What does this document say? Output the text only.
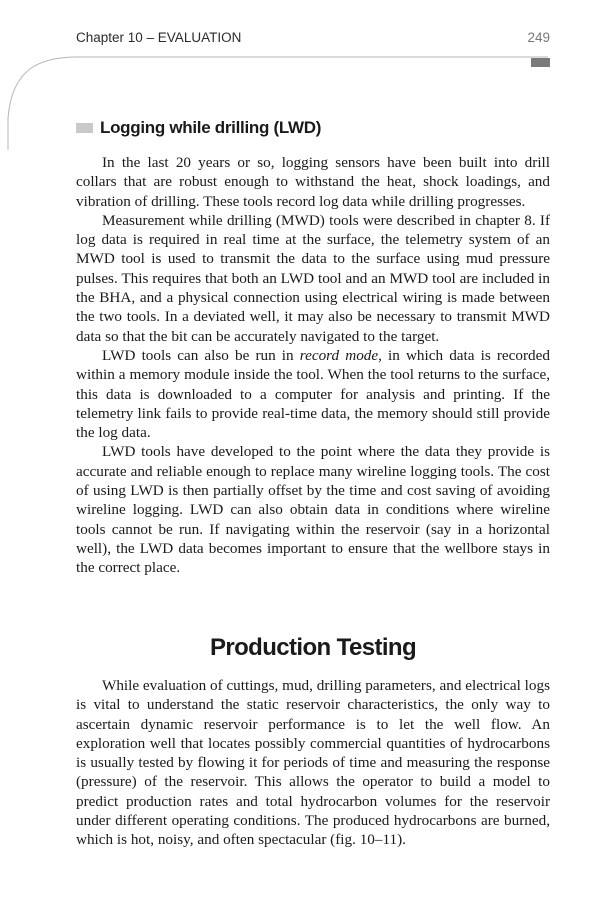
Chapter 10 – EVALUATION	249
Logging while drilling (LWD)

In the last 20 years or so, logging sensors have been built into drill collars that are robust enough to withstand the heat, shock loadings, and vibration of drilling. These tools record log data while drilling progresses.

Measurement while drilling (MWD) tools were described in chapter 8. If log data is required in real time at the surface, the telemetry system of an MWD tool is used to transmit the data to the surface using mud pressure pulses. This requires that both an LWD tool and an MWD tool are included in the BHA, and a physical connection using electrical wiring is made between the two tools. In a deviated well, it may also be necessary to transmit MWD data so that the bit can be accurately navigated to the target.

LWD tools can also be run in record mode, in which data is recorded within a memory module inside the tool. When the tool returns to the surface, this data is downloaded to a computer for analysis and printing. If the telemetry link fails to provide real-time data, the memory should still provide the log data.

LWD tools have developed to the point where the data they provide is accurate and reliable enough to replace many wireline logging tools. The cost of using LWD is then partially offset by the time and cost saving of avoiding wireline logging. LWD can also obtain data in conditions where wireline tools cannot be run. If navigating within the reservoir (say in a horizontal well), the LWD data becomes important to ensure that the wellbore stays in the correct place.

Production Testing

While evaluation of cuttings, mud, drilling parameters, and electrical logs is vital to understand the static reservoir characteristics, the only way to ascertain dynamic reservoir performance is to let the well flow. An exploration well that locates possibly commercial quantities of hydrocarbons is usually tested by flowing it for periods of time and measuring the response (pressure) of the reservoir. This allows the operator to build a model to predict production rates and total hydrocarbon volumes for the reservoir under different operating conditions. The produced hydrocarbons are burned, which is hot, noisy, and often spectacular (fig. 10–11).
